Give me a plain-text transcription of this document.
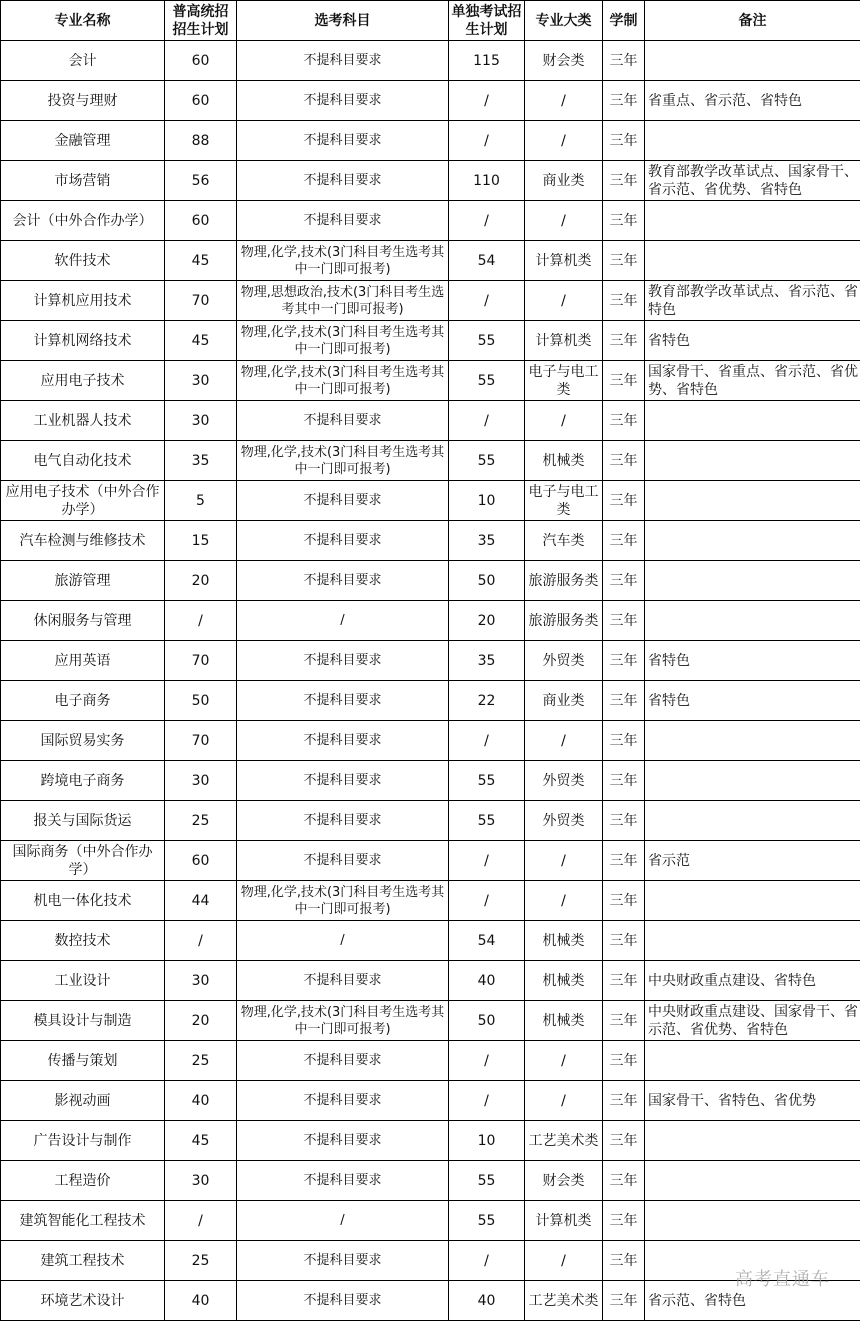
专业名称	普高统招招生计划	选考科目	单独考试招生计划	专业大类	学制	备注
会计	60	不提科目要求	115	财会类	三年	
投资与理财	60	不提科目要求	/	/	三年	省重点、省示范、省特色
金融管理	88	不提科目要求	/	/	三年	
市场营销	56	不提科目要求	110	商业类	三年	教育部教学改革试点、国家骨干、省示范、省优势、省特色
会计（中外合作办学）	60	不提科目要求	/	/	三年	
软件技术	45	物理,化学,技术(3门科目考生选考其中一门即可报考)	54	计算机类	三年	
计算机应用技术	70	物理,思想政治,技术(3门科目考生选考其中一门即可报考)	/	/	三年	教育部教学改革试点、省示范、省特色
计算机网络技术	45	物理,化学,技术(3门科目考生选考其中一门即可报考)	55	计算机类	三年	省特色
应用电子技术	30	物理,化学,技术(3门科目考生选考其中一门即可报考)	55	电子与电工类	三年	国家骨干、省重点、省示范、省优势、省特色
工业机器人技术	30	不提科目要求	/	/	三年	
电气自动化技术	35	物理,化学,技术(3门科目考生选考其中一门即可报考)	55	机械类	三年	
应用电子技术（中外合作办学）	5	不提科目要求	10	电子与电工类	三年	
汽车检测与维修技术	15	不提科目要求	35	汽车类	三年	
旅游管理	20	不提科目要求	50	旅游服务类	三年	
休闲服务与管理	/	/	20	旅游服务类	三年	
应用英语	70	不提科目要求	35	外贸类	三年	省特色
电子商务	50	不提科目要求	22	商业类	三年	省特色
国际贸易实务	70	不提科目要求	/	/	三年	
跨境电子商务	30	不提科目要求	55	外贸类	三年	
报关与国际货运	25	不提科目要求	55	外贸类	三年	
国际商务（中外合作办学）	60	不提科目要求	/	/	三年	省示范
机电一体化技术	44	物理,化学,技术(3门科目考生选考其中一门即可报考)	/	/	三年	
数控技术	/	/	54	机械类	三年	
工业设计	30	不提科目要求	40	机械类	三年	中央财政重点建设、省特色
模具设计与制造	20	物理,化学,技术(3门科目考生选考其中一门即可报考)	50	机械类	三年	中央财政重点建设、国家骨干、省示范、省优势、省特色
传播与策划	25	不提科目要求	/	/	三年	
影视动画	40	不提科目要求	/	/	三年	国家骨干、省特色、省优势
广告设计与制作	45	不提科目要求	10	工艺美术类	三年	
工程造价	30	不提科目要求	55	财会类	三年	
建筑智能化工程技术	/	/	55	计算机类	三年	
建筑工程技术	25	不提科目要求	/	/	三年	
环境艺术设计	40	不提科目要求	40	工艺美术类	三年	省示范、省特色
高考直通车
